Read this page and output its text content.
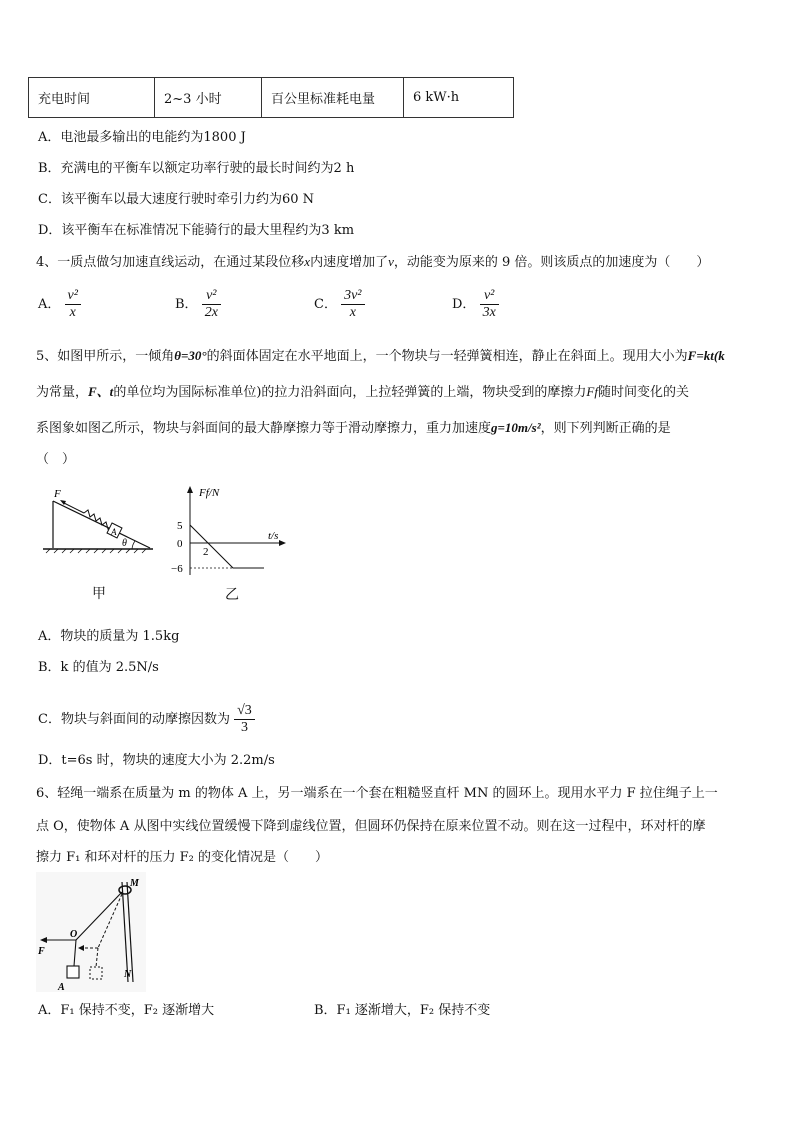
充电时间	2~3 小时	百公里标准耗电量	6 kW·h
A．电池最多输出的电能约为1800 J
B．充满电的平衡车以额定功率行驶的最长时间约为2 h
C．该平衡车以最大速度行驶时牵引力约为60 N
D．该平衡车在标准情况下能骑行的最大里程约为3 km
4、一质点做匀加速直线运动，在通过某段位移x内速度增加了v，动能变为原来的 9 倍。则该质点的加速度为（　　）
A． $\frac{\text{v²}}{x}$	B． $\frac{\text{v²}}{2x}$	C． $\frac{\text{3v²}}{x}$	D． $\frac{\text{v²}}{3x}$
5、如图甲所示，一倾角θ=30°的斜面体固定在水平地面上，一个物块与一轻弹簧相连，静止在斜面上。现用大小为F=kt(k
为常量，F、t的单位均为国际标准单位)的拉力沿斜面向，上拉轻弹簧的上端，物块受到的摩擦力Ff随时间变化的关
系图象如图乙所示，物块与斜面间的最大静摩擦力等于滑动摩擦力，重力加速度g=10m/s²，则下列判断正确的是
（　）
F
A
θ
甲
Ff/N
t/s
5
0
2
−6
乙
A．物块的质量为 1.5kg
B．k 的值为 2.5N/s
C．物块与斜面间的动摩擦因数为 $\frac{√3}{3}$
D．t=6s 时，物块的速度大小为 2.2m/s
6、轻绳一端系在质量为 m 的物体 A 上，另一端系在一个套在粗糙竖直杆 MN 的圆环上。现用水平力 F 拉住绳子上一
点 O，使物体 A 从图中实线位置缓慢下降到虚线位置，但圆环仍保持在原来位置不动。则在这一过程中，环对杆的摩
擦力 F₁ 和环对杆的压力 F₂ 的变化情况是（　　）
M
O
F
A
N
A．F₁ 保持不变，F₂ 逐渐增大	B．F₁ 逐渐增大，F₂ 保持不变
